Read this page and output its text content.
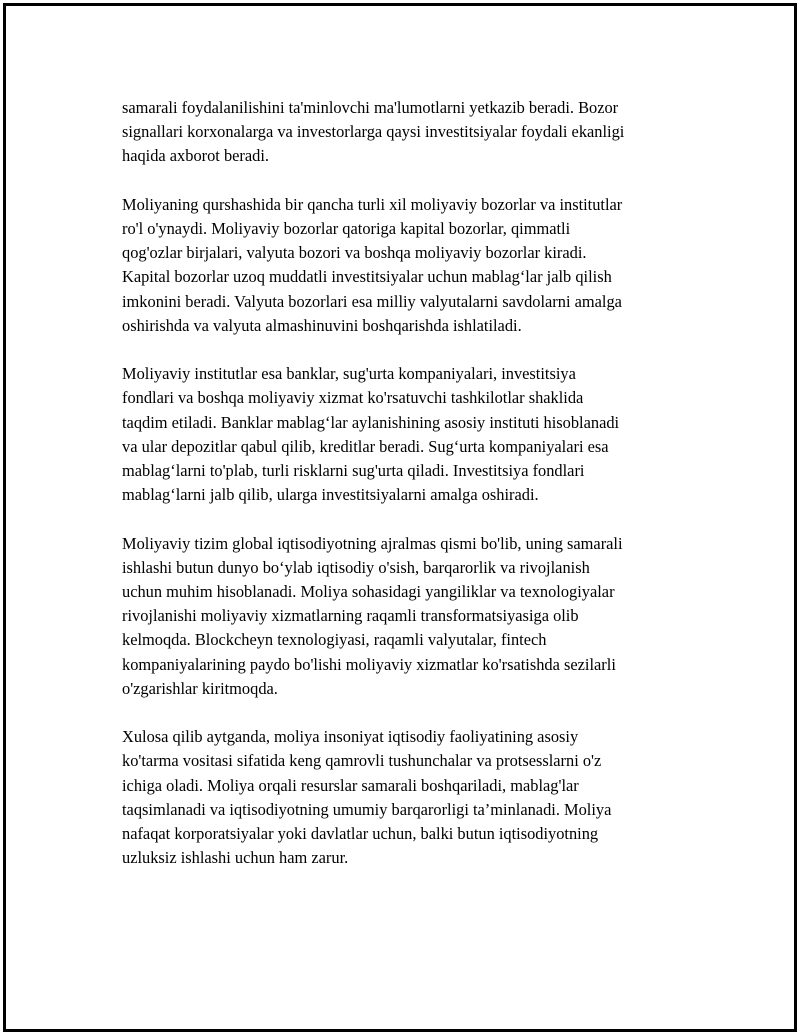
samarali foydalanilishini ta'minlovchi ma'lumotlarni yetkazib beradi. Bozor
signallari korxonalarga va investorlarga qaysi investitsiyalar foydali ekanligi
haqida axborot beradi.

Moliyaning qurshashida bir qancha turli xil moliyaviy bozorlar va institutlar
ro'l o'ynaydi. Moliyaviy bozorlar qatoriga kapital bozorlar, qimmatli
qog'ozlar birjalari, valyuta bozori va boshqa moliyaviy bozorlar kiradi.
Kapital bozorlar uzoq muddatli investitsiyalar uchun mablag‘lar jalb qilish
imkonini beradi. Valyuta bozorlari esa milliy valyutalarni savdolarni amalga
oshirishda va valyuta almashinuvini boshqarishda ishlatiladi.

Moliyaviy institutlar esa banklar, sug'urta kompaniyalari, investitsiya
fondlari va boshqa moliyaviy xizmat ko'rsatuvchi tashkilotlar shaklida
taqdim etiladi. Banklar mablag‘lar aylanishining asosiy instituti hisoblanadi
va ular depozitlar qabul qilib, kreditlar beradi. Sug‘urta kompaniyalari esa
mablag‘larni to'plab, turli risklarni sug'urta qiladi. Investitsiya fondlari
mablag‘larni jalb qilib, ularga investitsiyalarni amalga oshiradi.

Moliyaviy tizim global iqtisodiyotning ajralmas qismi bo'lib, uning samarali
ishlashi butun dunyo bo‘ylab iqtisodiy o'sish, barqarorlik va rivojlanish
uchun muhim hisoblanadi. Moliya sohasidagi yangiliklar va texnologiyalar
rivojlanishi moliyaviy xizmatlarning raqamli transformatsiyasiga olib
kelmoqda. Blockcheyn texnologiyasi, raqamli valyutalar, fintech
kompaniyalarining paydo bo'lishi moliyaviy xizmatlar ko'rsatishda sezilarli
o'zgarishlar kiritmoqda.

Xulosa qilib aytganda, moliya insoniyat iqtisodiy faoliyatining asosiy
ko'tarma vositasi sifatida keng qamrovli tushunchalar va protsesslarni o'z
ichiga oladi. Moliya orqali resurslar samarali boshqariladi, mablag'lar
taqsimlanadi va iqtisodiyotning umumiy barqarorligi ta’minlanadi. Moliya
nafaqat korporatsiyalar yoki davlatlar uchun, balki butun iqtisodiyotning
uzluksiz ishlashi uchun ham zarur.
